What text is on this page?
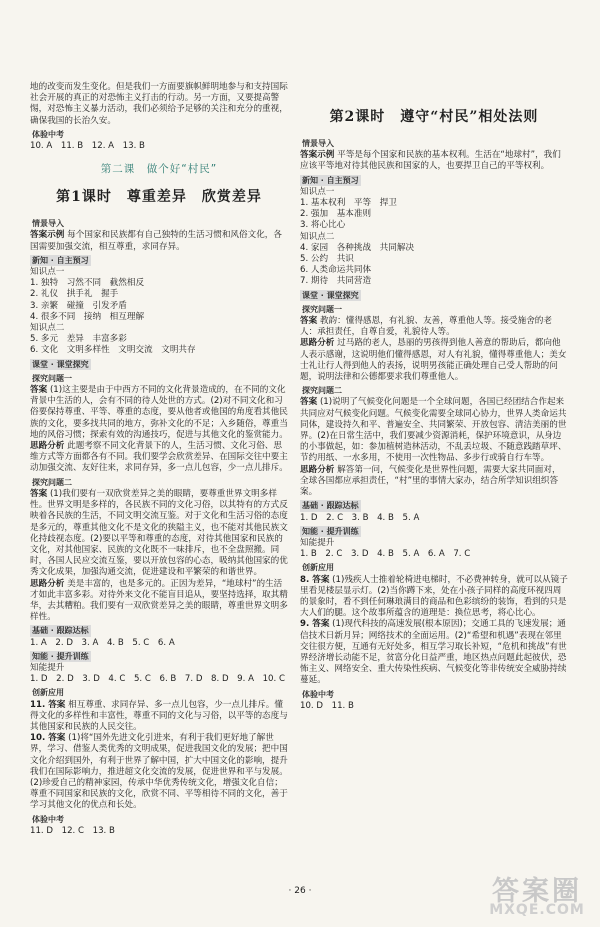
地的改变而发生变化。但是我们一方面要旗帜鲜明地参与和支持国际社会开展的真正的对恐怖主义打击的行动。另一方面，又要提高警惕，对恐怖主义暴力活动，我们必须给予足够的关注和充分的重视，确保我国的长治久安。

体验中考

10. A　11. B　12. A　13. B

第二课　做个好“村民”
第1课时　尊重差异　欣赏差异
情景导入

答案示例 每个国家和民族都有自己独特的生活习惯和风俗文化，各国需要加强交流，相互尊重，求同存异。

新知 · 自主预习

知识点一

1. 独特　习然不同　截然相反

2. 礼仪　拱手礼　握手

3. 亲繁　碰撞　引发矛盾

4. 很多不同　接纳　相互理解

知识点二

5. 多元　差异　丰富多彩

6. 文化　文明多样性　文明交流　文明共存

课堂 · 课堂探究
探究问题一

答案 (1)这主要是由于中西方不同的文化背景造成的，在不同的文化背景中生活的人，会有不同的待人处世的方式。(2)对不同文化和习俗要保持尊重、平等、尊重的态度，要从他者或他国的角度看其他民族的文化，要多找共同的地方，弥补文化的不足；入乡随俗，尊重当地的风俗习惯；探索有效的沟通技巧，促进与其他文化的鉴赏能力。

思路分析 此题考察不同文化背景下的人，生活习惯、文化习俗、思维方式等方面都各有不同。我们要学会欣赏差异、在国际交往中要主动加强交流、友好往来，求同存异，多一点儿包容，少一点儿排斥。

探究问题二

答案 (1)我们要有一双欣赏差异之美的眼睛，要尊重世界文明多样性。世界文明是多样的，各民族不同的文化习俗，以其特有的方式反映着各民族的生活，不同文明交流互鉴。对于文化和生活习俗的态度是多元的，尊重其他文化不是文化的狭隘主义，也不能对其他民族文化持歧视态度。(2)要以平等和尊重的态度，对待其他国家和民族的文化，对其他国家、民族的文化既不一味排斥，也不全盘照搬。同时，各国人民应交流互鉴，要以开放包容的心态，吸纳其他国家的优秀文化成果，加强沟通交流，促进建设和平繁荣的和谐世界。

思路分析 美是丰富的，也是多元的。正因为差异，“地球村”的生活才如此丰富多彩。对待外来文化不能盲目追从，要坚持选择，取其精华，去其糟粕。我们要有一双欣赏差异之美的眼睛，尊重世界文明多样性。

基础 · 跟踪达标

1. A　2. D　3. A　4. B　5. C　6. A

知能 · 提升训练

知能提升

1. D　2. D　3. D　4. C　5. C　6. B　7. D　8. D　9. A　10. C

创新应用

11. 答案 相互尊重、求同存异、多一点儿包容，少一点儿排斥。懂得文化的多样性和丰富性，尊重不同的文化与习俗，以平等的态度与其他国家和民族的人民交往。

10. 答案 (1)将“国外先进文化引进来，有利于我们更好地了解世界，学习、借鉴人类优秀的文明成果，促进我国文化的发展；把中国文化介绍到国外，有利于世界了解中国，扩大中国文化的影响，提升我们在国际影响力，推进超文化交流的发展，促进世界和平与发展。

(2)珍爱自己的精神家园，传承中华优秀传统文化，增强文化自信；尊重不同国家和民族的文化，欣赏不同、平等相待不同的文化，善于学习其他文化的优点和长处。

体验中考

11. D　12. C　13. B

第2课时　遵守“村民”相处法则
情景导入

答案示例 平等是每个国家和民族的基本权利。生活在“地球村”，我们应该平等地对待其他民族和国家的人，也要捍卫自己的平等权利。

新知 · 自主预习

知识点一

1. 基本权利　平等　捍卫

2. 强加　基本准则

3. 将心比心

知识点二

4. 家园　各种挑战　共同解决

5. 公约　共识

6. 人类命运共同体

7. 期待　共同营造

课堂 · 课堂探究
探究问题一

答案 教韵：懂得感恩，有礼貌、友善，尊重他人等。接受施舍的老人：承担责任，自尊自爱，礼貌待人等。

思路分析 过马路的老人，恳丽的男孩得到他人善意的帮助后，都向他人表示感谢，这说明他们懂得感恩，对人有礼貌，懂得尊重他人；美女士礼让行人得到他人的表扬，说明男孩能正确处理自己受人帮助的问题，说明法律和公德都要求我们尊重他人。

探究问题二

答案 (1)说明了气候变化问题是一个全球问题，各国已经团结合作起来共同应对气候变化问题。气候变化需要全球同心协力，世界人类命运共同体，建设持久和平、普遍安全、共同繁荣、开放包容、清洁美丽的世界。(2)在日常生活中，我们要减少资源消耗，保护环境意识，从身边的小事做起，如：参加植树造林活动，不乱丢垃圾、不随意践踏草坪、节约用纸、一水多用，不使用一次性物品、多步行或骑自行车等。

思路分析 解答第一问，气候变化是世界性问题，需要大家共同面对，全球各国都应承担责任，“村”里的事情大家办，结合所学知识组织答案。

基础 · 跟踪达标

1. D　2. C　3. B　4. B　5. A

知能 · 提升训练

知能提升

1. B　2. C　3. D　4. B　5. A　6. A　7. C

创新应用

8. 答案 (1)残疾人士推着轮椅进电梯时，不必费神转身，就可以从镜子里看见楼层显示灯。(2)当你蹲下来，处在小孩子同样的高度环视四周的景象时，看不到任何琳琅满目的商品和色彩缤纷的装饰，看到的只是大人们的腿。这个故事所蕴含的道理是：换位思考，将心比心。

9. 答案 (1)现代科技的高速发展(根本原因)；交通工具的飞速发展；通信技术日新月异；网络技术的全面运用。(2)“希望和机遇”表现在邻里交往很方便，互通有无好处多，相互学习取长补短，“危机和挑战”有世界经济增长动能不足，贫富分化日益严重，地区热点问题此起彼伏，恐怖主义、网络安全、重大传染性疾病、气候变化等非传统安全威胁持续蔓延。

体验中考

10. D　11. B

· 26 ·	答案圈
MXQE.COM
